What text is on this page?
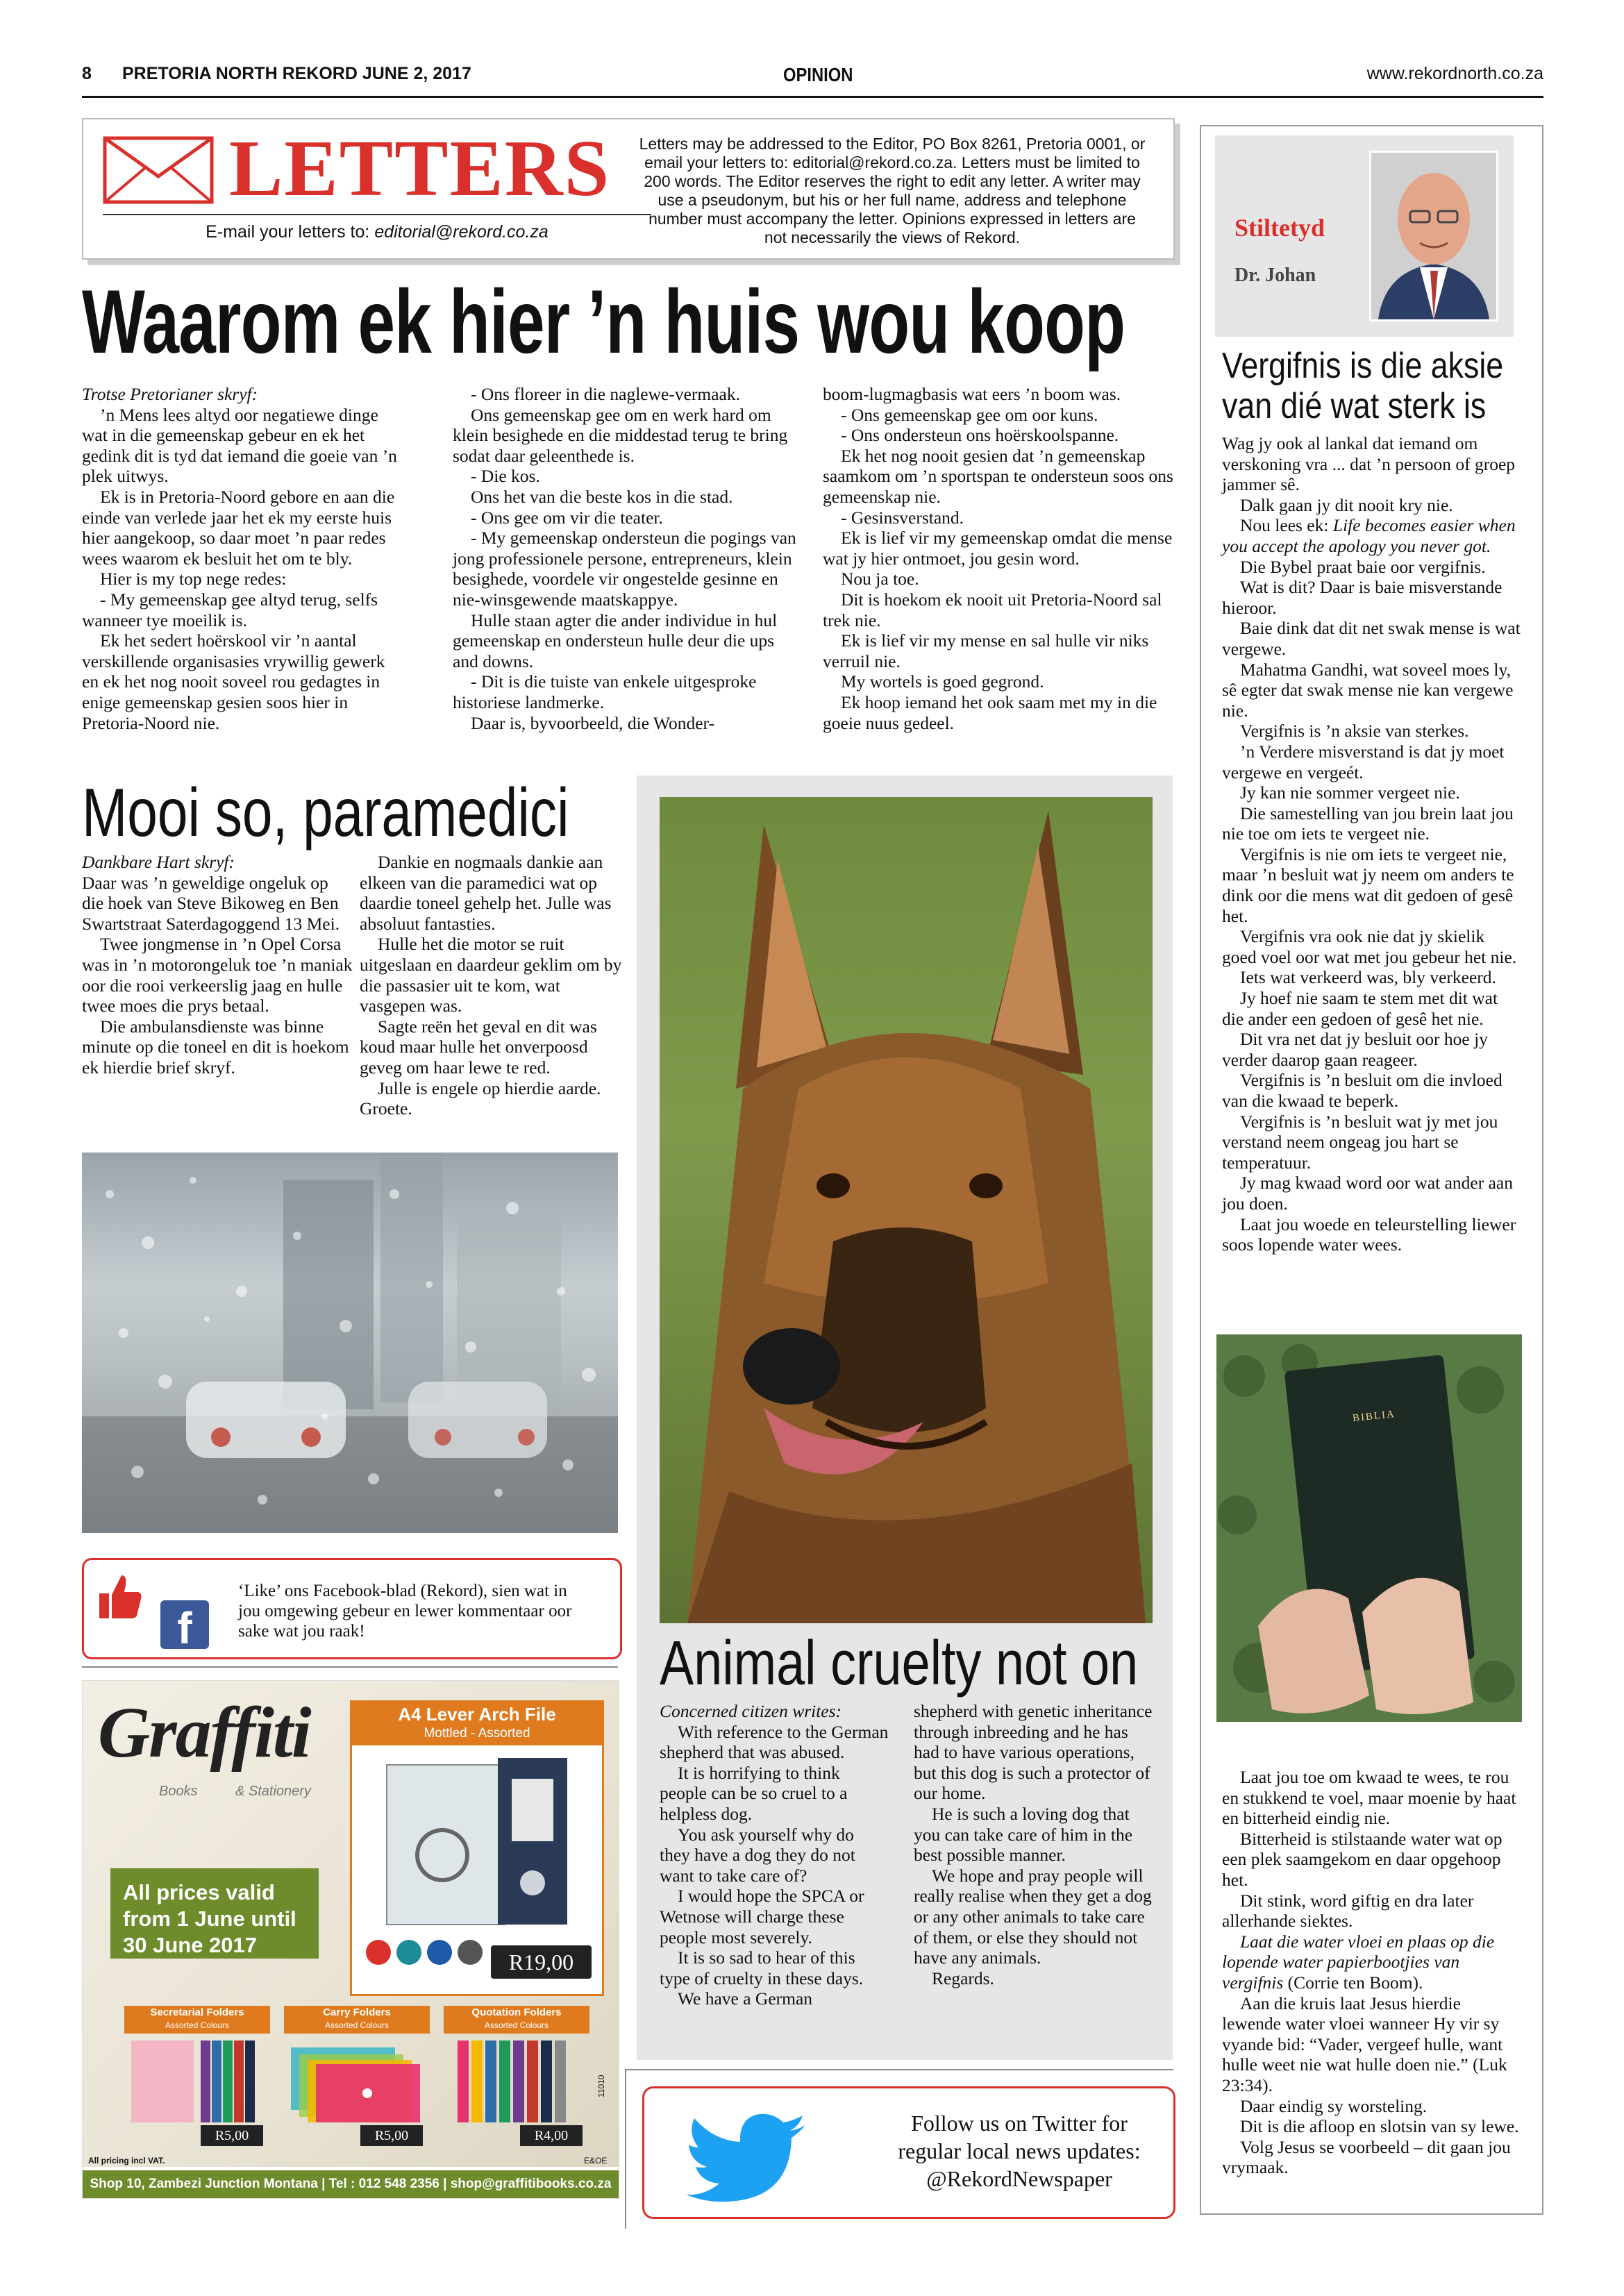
8 PRETORIA NORTH REKORD JUNE 2, 2017	OPINION	www.rekordnorth.co.za
LETTERS
E-mail your letters to: editorial@rekord.co.za
Letters may be addressed to the Editor, PO Box 8261, Pretoria 0001, or email your letters to: editorial@rekord.co.za. Letters must be limited to 200 words. The Editor reserves the right to edit any letter. A writer may use a pseudonym, but his or her full name, address and telephone number must accompany the letter. Opinions expressed in letters are not necessarily the views of Rekord.
Waarom ek hier ’n huis wou koop

Trotse Pretorianer skryf:

’n Mens lees altyd oor negatiewe dinge wat in die gemeenskap gebeur en ek het gedink dit is tyd dat iemand die goeie van ’n plek uitwys.

Ek is in Pretoria-Noord gebore en aan die einde van verlede jaar het ek my eerste huis hier aangekoop, so daar moet ’n paar redes wees waarom ek besluit het om te bly.

Hier is my top nege redes:

- My gemeenskap gee altyd terug, selfs wanneer tye moeilik is.

Ek het sedert hoërskool vir ’n aantal verskillende organisasies vrywillig gewerk en ek het nog nooit soveel rou gedagtes in enige gemeenskap gesien soos hier in Pretoria-Noord nie.

- Ons floreer in die naglewe-vermaak.

Ons gemeenskap gee om en werk hard om klein besighede en die middestad terug te bring sodat daar geleenthede is.

- Die kos.

Ons het van die beste kos in die stad.

- Ons gee om vir die teater.

- My gemeenskap ondersteun die pogings van jong professionele persone, entrepreneurs, klein besighede, voordele vir ongestelde gesinne en nie-winsgewende maatskappye.

Hulle staan agter die ander individue in hul gemeenskap en ondersteun hulle deur die ups and downs.

- Dit is die tuiste van enkele uitgesproke historiese landmerke.

Daar is, byvoorbeeld, die Wonder-

boom-lugmagbasis wat eers ’n boom was.

- Ons gemeenskap gee om oor kuns.

- Ons ondersteun ons hoërskoolspanne.

Ek het nog nooit gesien dat ’n gemeenskap saamkom om ’n sportspan te ondersteun soos ons gemeenskap nie.

- Gesinsverstand.

Ek is lief vir my gemeenskap omdat die mense wat jy hier ontmoet, jou gesin word.

Nou ja toe.

Dit is hoekom ek nooit uit Pretoria-Noord sal trek nie.

Ek is lief vir my mense en sal hulle vir niks verruil nie.

My wortels is goed gegrond.

Ek hoop iemand het ook saam met my in die goeie nuus gedeel.

Mooi so, paramedici

Dankbare Hart skryf:

Daar was ’n geweldige ongeluk op die hoek van Steve Bikoweg en Ben Swartstraat Saterdagoggend 13 Mei.

Twee jongmense in ’n Opel Corsa was in ’n motorongeluk toe ’n maniak oor die rooi verkeerslig jaag en hulle twee moes die prys betaal.

Die ambulansdienste was binne minute op die toneel en dit is hoekom ek hierdie brief skryf.

Dankie en nogmaals dankie aan elkeen van die paramedici wat op daardie toneel gehelp het. Julle was absoluut fantasties.

Hulle het die motor se ruit uitgeslaan en daardeur geklim om by die passasier uit te kom, wat vasgepen was.

Sagte reën het geval en dit was koud maar hulle het onverpoosd geveg om haar lewe te red.

Julle is engele op hierdie aarde. Groete.

f
‘Like’ ons Facebook-blad (Rekord), sien wat in jou omgewing gebeur en lewer kommentaar oor sake wat jou raak!
Graffiti
Books	& Stationery
A4 Lever Arch File
Mottled - Assorted
R19,00
All prices valid from 1 June until 30 June 2017
Secretarial Folders
Assorted Colours
R5,00
Carry Folders
Assorted Colours
R5,00
Quotation Folders
Assorted Colours
R4,00
All pricing incl VAT.	E&OE
11010
Shop 10, Zambezi Junction Montana | Tel : 012 548 2356 | shop@graffitibooks.co.za
Animal cruelty not on

Concerned citizen writes:

With reference to the German shepherd that was abused.

It is horrifying to think people can be so cruel to a helpless dog.

You ask yourself why do they have a dog they do not want to take care of?

I would hope the SPCA or Wetnose will charge these people most severely.

It is so sad to hear of this type of cruelty in these days.

We have a German

shepherd with genetic inheritance through inbreeding and he has had to have various operations, but this dog is such a protector of our home.

He is such a loving dog that you can take care of him in the best possible manner.

We hope and pray people will really realise when they get a dog or any other animals to take care of them, or else they should not have any animals.

Regards.

Follow us on Twitter for
regular local news updates:
@RekordNewspaper
Stiltetyd
Dr. Johan
Vergifnis is die aksie
van dié wat sterk is

Wag jy ook al lankal dat iemand om verskoning vra ... dat ’n persoon of groep jammer sê.

Dalk gaan jy dit nooit kry nie.

Nou lees ek: Life becomes easier when you accept the apology you never got.

Die Bybel praat baie oor vergifnis.

Wat is dit? Daar is baie misverstande hieroor.

Baie dink dat dit net swak mense is wat vergewe.

Mahatma Gandhi, wat soveel moes ly, sê egter dat swak mense nie kan vergewe nie.

Vergifnis is ’n aksie van sterkes.

’n Verdere misverstand is dat jy moet vergewe en vergeét.

Jy kan nie sommer vergeet nie.

Die samestelling van jou brein laat jou nie toe om iets te vergeet nie.

Vergifnis is nie om iets te vergeet nie, maar ’n besluit wat jy neem om anders te dink oor die mens wat dit gedoen of gesê het.

Vergifnis vra ook nie dat jy skielik goed voel oor wat met jou gebeur het nie.

Iets wat verkeerd was, bly verkeerd.

Jy hoef nie saam te stem met dit wat die ander een gedoen of gesê het nie.

Dit vra net dat jy besluit oor hoe jy verder daarop gaan reageer.

Vergifnis is ’n besluit om die invloed van die kwaad te beperk.

Vergifnis is ’n besluit wat jy met jou verstand neem ongeag jou hart se temperatuur.

Jy mag kwaad word oor wat ander aan jou doen.

Laat jou woede en teleurstelling liewer soos lopende water wees.

BIBLIA

Laat jou toe om kwaad te wees, te rou en stukkend te voel, maar moenie by haat en bitterheid eindig nie.

Bitterheid is stilstaande water wat op een plek saamgekom en daar opgehoop het.

Dit stink, word giftig en dra later allerhande siektes.

Laat die water vloei en plaas op die lopende water papierbootjies van vergifnis (Corrie ten Boom).

Aan die kruis laat Jesus hierdie lewende water vloei wanneer Hy vir sy vyande bid: “Vader, vergeef hulle, want hulle weet nie wat hulle doen nie.” (Luk 23:34).

Daar eindig sy worsteling.

Dit is die afloop en slotsin van sy lewe.

Volg Jesus se voorbeeld – dit gaan jou vrymaak.
